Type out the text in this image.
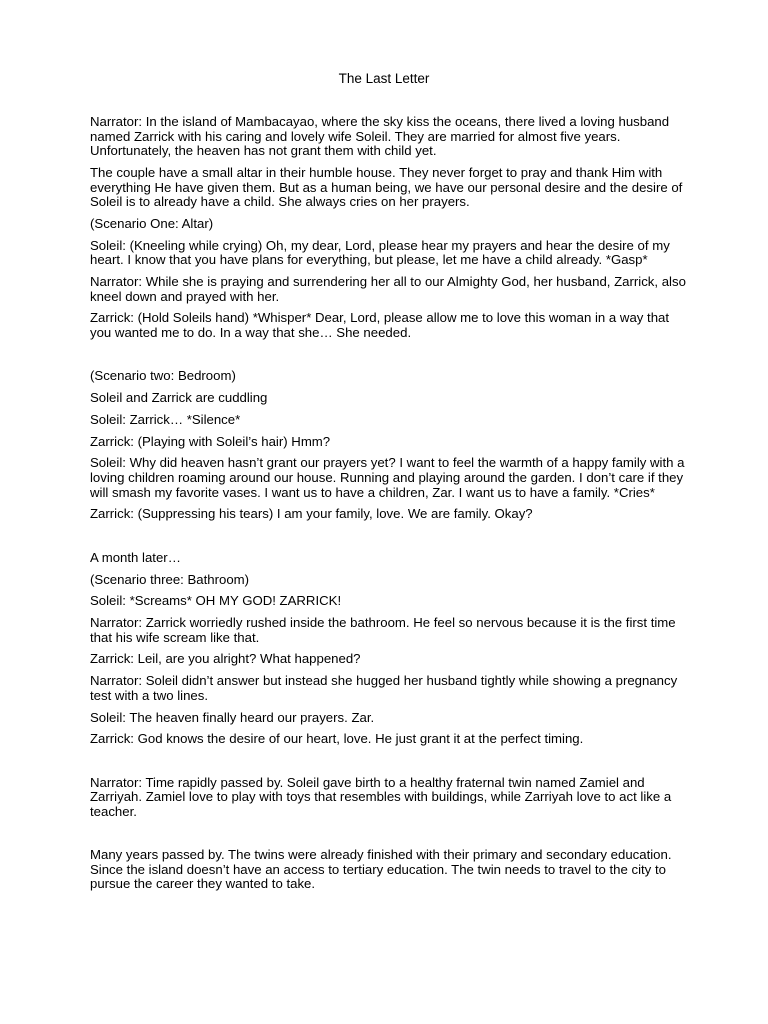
The Last Letter

Narrator: In the island of Mambacayao, where the sky kiss the oceans, there lived a loving husband named Zarrick with his caring and lovely wife Soleil. They are married for almost five years. Unfortunately, the heaven has not grant them with child yet.

The couple have a small altar in their humble house. They never forget to pray and thank Him with everything He have given them. But as a human being, we have our personal desire and the desire of Soleil is to already have a child. She always cries on her prayers.

(Scenario One: Altar)

Soleil: (Kneeling while crying) Oh, my dear, Lord, please hear my prayers and hear the desire of my heart. I know that you have plans for everything, but please, let me have a child already. *Gasp*

Narrator: While she is praying and surrendering her all to our Almighty God, her husband, Zarrick, also kneel down and prayed with her.

Zarrick: (Hold Soleils hand) *Whisper* Dear, Lord, please allow me to love this woman in a way that you wanted me to do. In a way that she… She needed.

(Scenario two: Bedroom)

Soleil and Zarrick are cuddling

Soleil: Zarrick… *Silence*

Zarrick: (Playing with Soleil’s hair) Hmm?

Soleil: Why did heaven hasn’t grant our prayers yet? I want to feel the warmth of a happy family with a loving children roaming around our house. Running and playing around the garden. I don’t care if they will smash my favorite vases. I want us to have a children, Zar. I want us to have a family. *Cries*

Zarrick: (Suppressing his tears) I am your family, love. We are family. Okay?

A month later…

(Scenario three: Bathroom)

Soleil: *Screams* OH MY GOD! ZARRICK!

Narrator: Zarrick worriedly rushed inside the bathroom. He feel so nervous because it is the first time that his wife scream like that.

Zarrick: Leil, are you alright? What happened?

Narrator: Soleil didn’t answer but instead she hugged her husband tightly while showing a pregnancy test with a two lines.

Soleil: The heaven finally heard our prayers. Zar.

Zarrick: God knows the desire of our heart, love. He just grant it at the perfect timing.

Narrator: Time rapidly passed by. Soleil gave birth to a healthy fraternal twin named Zamiel and Zarriyah. Zamiel love to play with toys that resembles with buildings, while Zarriyah love to act like a teacher.

Many years passed by. The twins were already finished with their primary and secondary education. Since the island doesn’t have an access to tertiary education. The twin needs to travel to the city to pursue the career they wanted to take.
